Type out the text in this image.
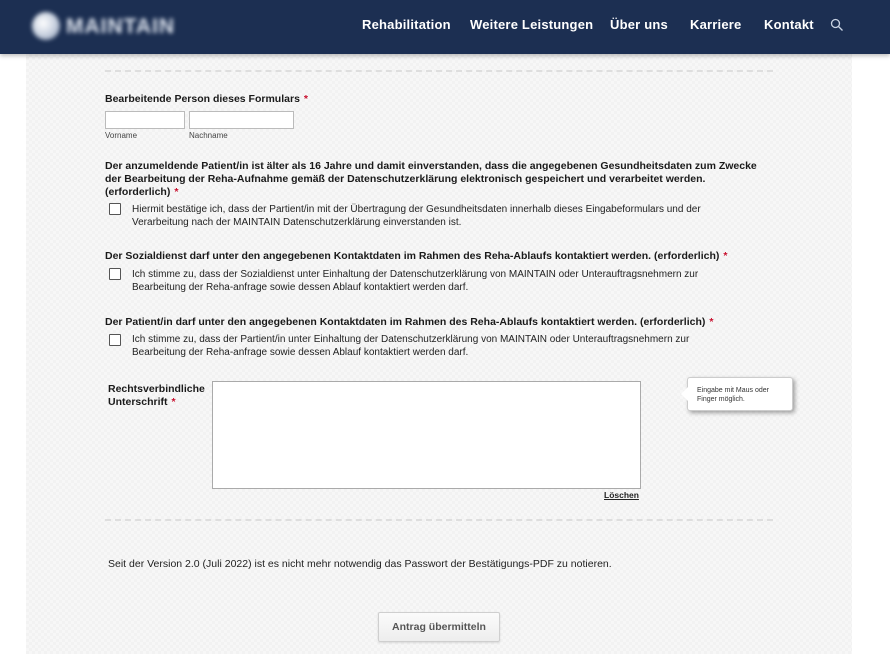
MAINTAIN	Rehabilitation Weitere Leistungen Über uns Karriere Kontakt
Bearbeitende Person dieses Formulars *
Vorname	Nachname
Der anzumeldende Patient/in ist älter als 16 Jahre und damit einverstanden, dass die angegebenen Gesundheitsdaten zum Zwecke
der Bearbeitung der Reha-Aufnahme gemäß der Datenschutzerklärung elektronisch gespeichert und verarbeitet werden.
(erforderlich) *
Hiermit bestätige ich, dass der Partient/in mit der Übertragung der Gesundheitsdaten innerhalb dieses Eingabeformulars und der
Verarbeitung nach der MAINTAIN Datenschutzerklärung einverstanden ist.
Der Sozialdienst darf unter den angegebenen Kontaktdaten im Rahmen des Reha-Ablaufs kontaktiert werden. (erforderlich) *
Ich stimme zu, dass der Sozialdienst unter Einhaltung der Datenschutzerklärung von MAINTAIN oder Unterauftragsnehmern zur
Bearbeitung der Reha-anfrage sowie dessen Ablauf kontaktiert werden darf.
Der Patient/in darf unter den angegebenen Kontaktdaten im Rahmen des Reha-Ablaufs kontaktiert werden. (erforderlich) *
Ich stimme zu, dass der Partient/in unter Einhaltung der Datenschutzerklärung von MAINTAIN oder Unterauftragsnehmern zur
Bearbeitung der Reha-anfrage sowie dessen Ablauf kontaktiert werden darf.
Rechtsverbindliche
Unterschrift *
Löschen
Eingabe mit Maus oder
Finger möglich.
Seit der Version 2.0 (Juli 2022) ist es nicht mehr notwendig das Passwort der Bestätigungs-PDF zu notieren.
Antrag übermitteln
